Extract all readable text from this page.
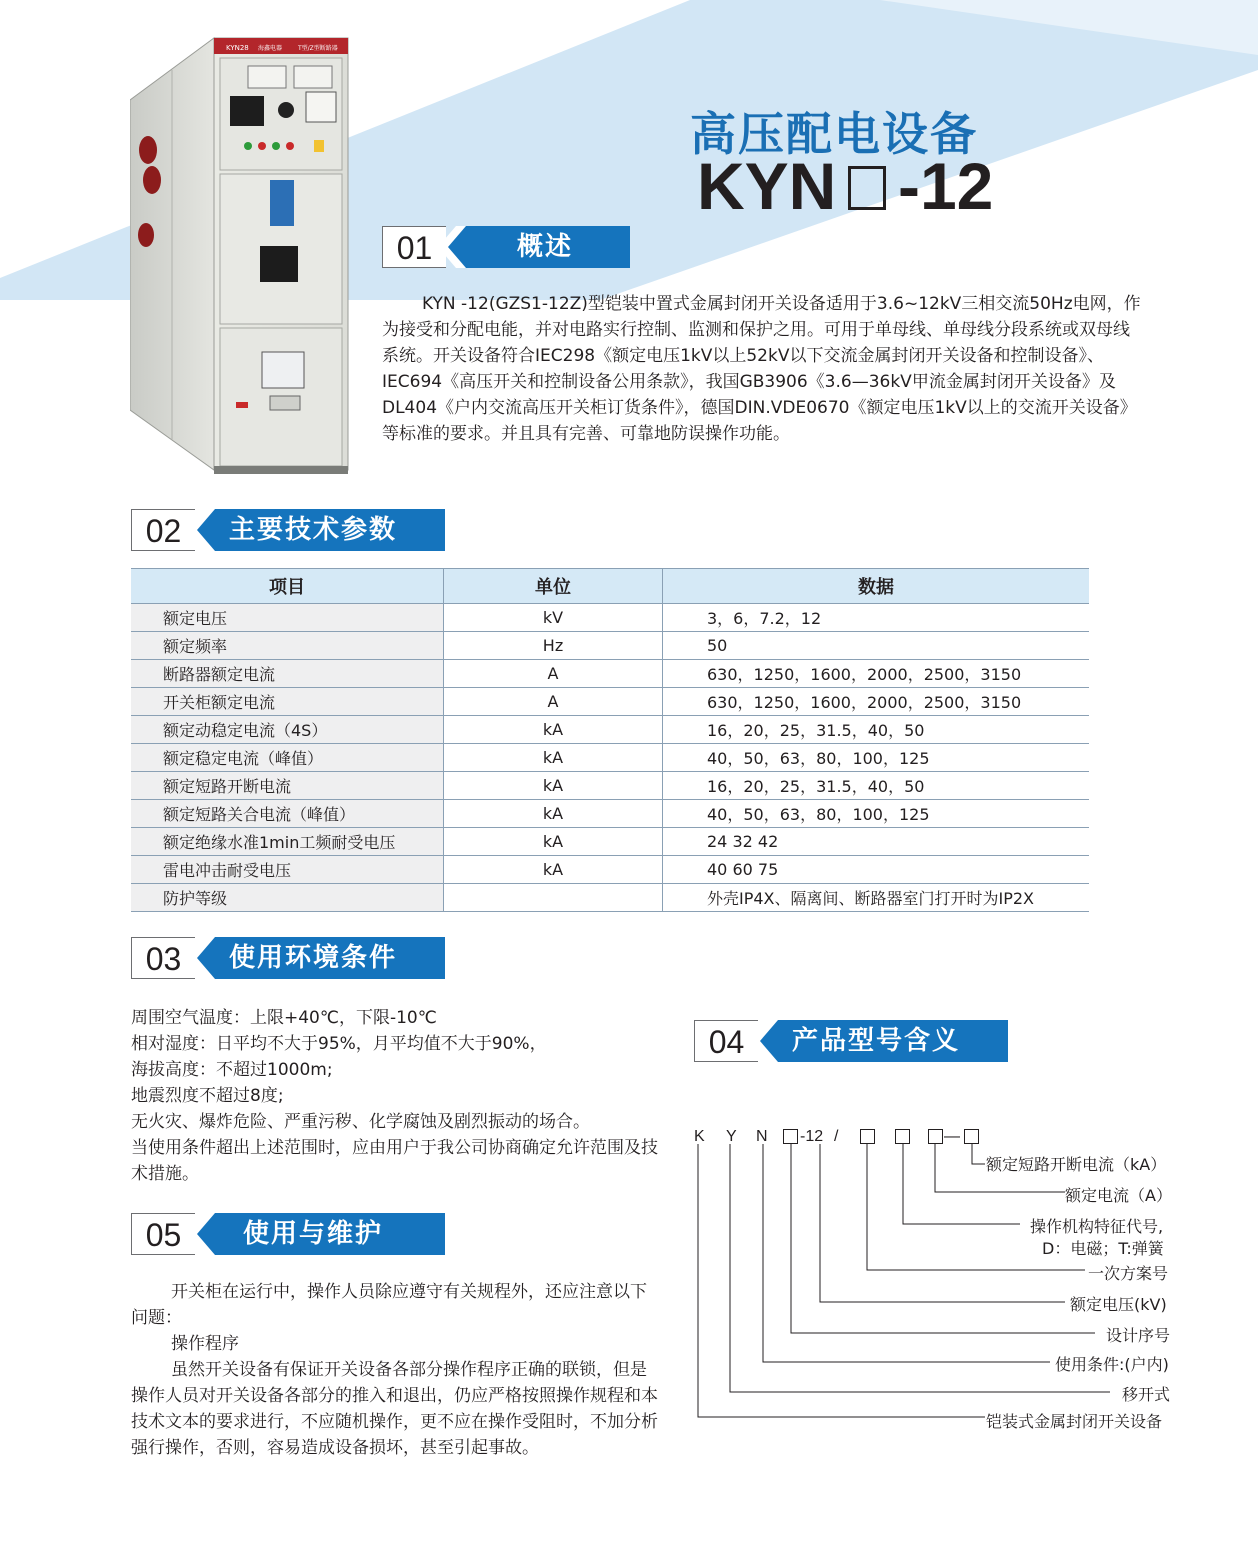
高压配电设备
KYN -12
KYN28 海鑫电器	T型/Z型断路器
01	概述
KYN -12(GZS1-12Z)型铠装中置式金属封闭开关设备适用于3.6~12kV三相交流50Hz电网，作为接受和分配电能，并对电路实行控制、监测和保护之用。可用于单母线、单母线分段系统或双母线系统。开关设备符合IEC298《额定电压1kV以上52kV以下交流金属封闭开关设备和控制设备》、IEC694《高压开关和控制设备公用条款》，我国GB3906《3.6—36kV甲流金属封闭开关设备》及DL404《户内交流高压开关柜订货条件》，德国DIN.VDE0670《额定电压1kV以上的交流开关设备》等标准的要求。并且具有完善、可靠地防误操作功能。
02	主要技术参数
项目	单位	数据
额定电压	kV	3，6，7.2，12
额定频率	Hz	50
断路器额定电流	A	630，1250，1600，2000，2500，3150
开关柜额定电流	A	630，1250，1600，2000，2500，3150
额定动稳定电流（4S）	kA	16，20，25，31.5，40，50
额定稳定电流（峰值）	kA	40，50，63，80，100，125
额定短路开断电流	kA	16，20，25，31.5，40，50
额定短路关合电流（峰值）	kA	40，50，63，80，100，125
额定绝缘水准1min工频耐受电压	kA	24 32 42
雷电冲击耐受电压	kA	40 60 75
防护等级		外壳IP4X、隔离间、断路器室门打开时为IP2X
03	使用环境条件
周围空气温度：上限+40℃，下限-10℃
相对湿度：日平均不大于95%，月平均值不大于90%，
海拔高度：不超过1000m;
地震烈度不超过8度;
无火灾、爆炸危险、严重污秽、化学腐蚀及剧烈振动的场合。
当使用条件超出上述范围时，应由用户于我公司协商确定允许范围及技术措施。
05	使用与维护

开关柜在运行中，操作人员除应遵守有关规程外，还应注意以下问题：

操作程序

虽然开关设备有保证开关设备各部分操作程序正确的联锁，但是操作人员对开关设备各部分的推入和退出，仍应严格按照操作规程和本技术文本的要求进行，不应随机操作，更不应在操作受阻时，不加分析强行操作，否则，容易造成设备损坏，甚至引起事故。

04	产品型号含义
K Y N -12 /	—
额定短路开断电流（kA）
额定电流（A）
操作机构特征代号,
D：电磁；T:弹簧
一次方案号
额定电压(kV)
设计序号
使用条件:(户内)
移开式
铠装式金属封闭开关设备
